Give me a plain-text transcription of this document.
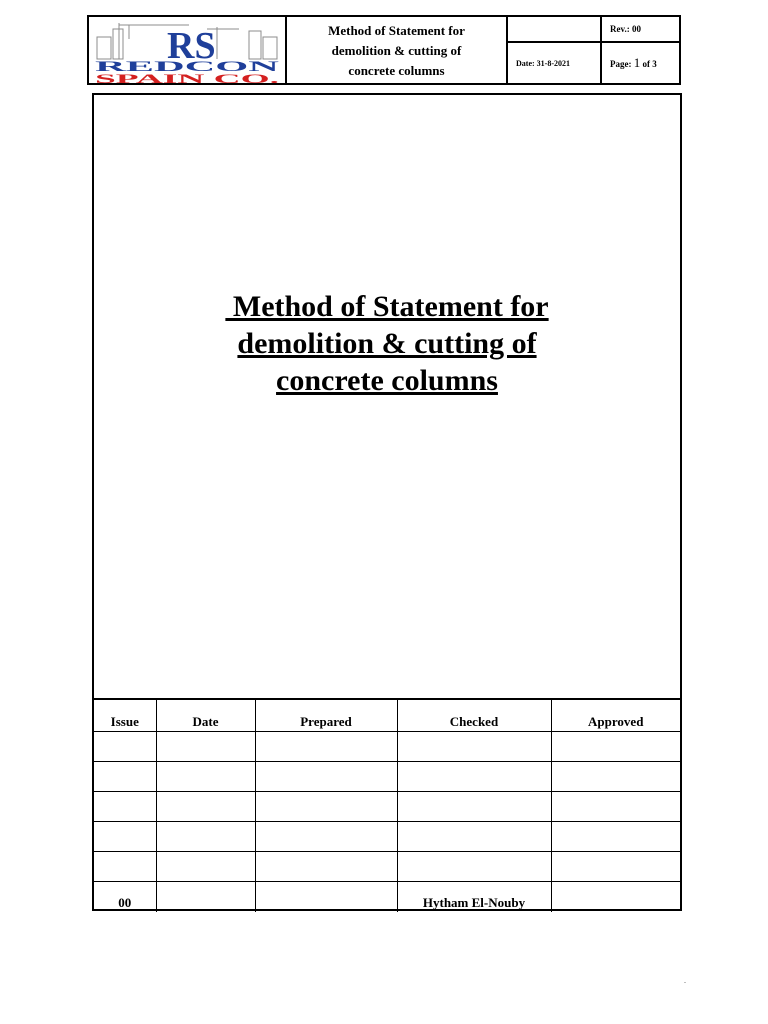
RS
REDCON
SPAIN CO.	Method of Statement for
demolition & cutting of
concrete columns		Rev.: 00
		Date: 31-8-2021	Page: 1 of 3
Method of Statement for
demolition & cutting of
concrete columns
Issue	Date	Prepared	Checked	Approved

00			Hytham El-Nouby	
.
